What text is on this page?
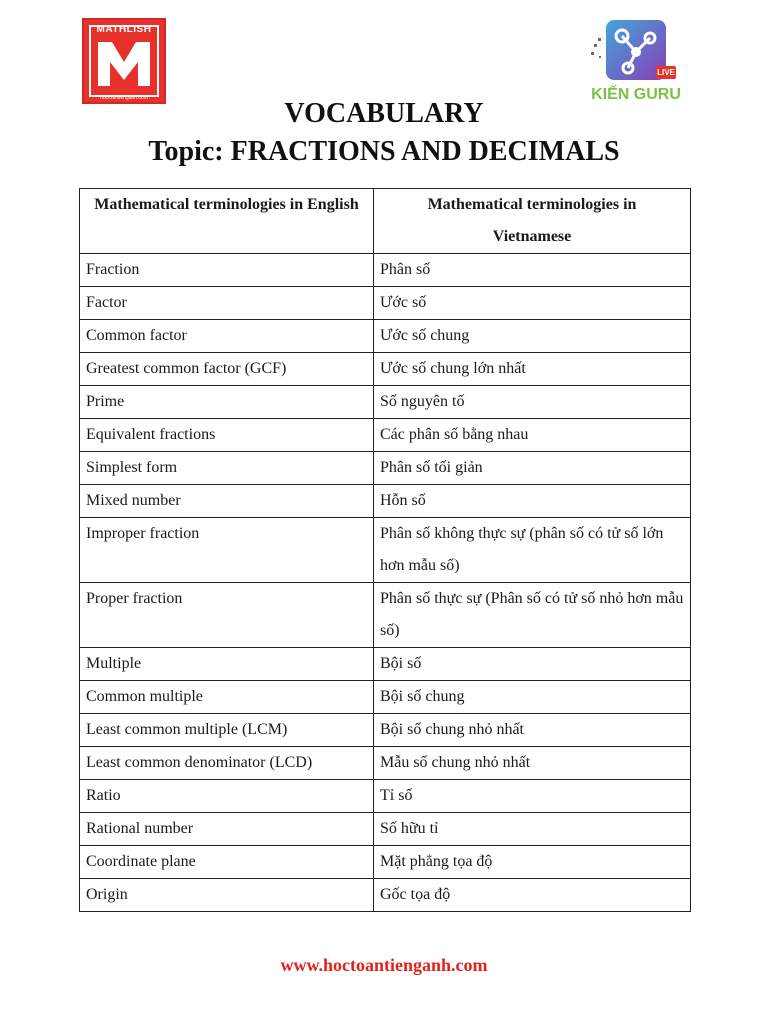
MATHLISH
hoctoantienganh.com
LIVE
KIẾN GURU
VOCABULARY
Topic: FRACTIONS AND DECIMALS
Mathematical terminologies in English	Mathematical terminologies in Vietnamese
Fraction	Phân số
Factor	Ước số
Common factor	Ước số chung
Greatest common factor (GCF)	Ước số chung lớn nhất
Prime	Số nguyên tố
Equivalent fractions	Các phân số bằng nhau
Simplest form	Phân số tối giản
Mixed number	Hỗn số
Improper fraction	Phân số không thực sự (phân số có tử số lớn hơn mẫu số)
Proper fraction	Phân số thực sự (Phân số có tử số nhỏ hơn mẫu số)
Multiple	Bội số
Common multiple	Bội số chung
Least common multiple (LCM)	Bội số chung nhỏ nhất
Least common denominator (LCD)	Mẫu số chung nhỏ nhất
Ratio	Tỉ số
Rational number	Số hữu tỉ
Coordinate plane	Mặt phẳng tọa độ
Origin	Gốc tọa độ
www.hoctoantienganh.com
